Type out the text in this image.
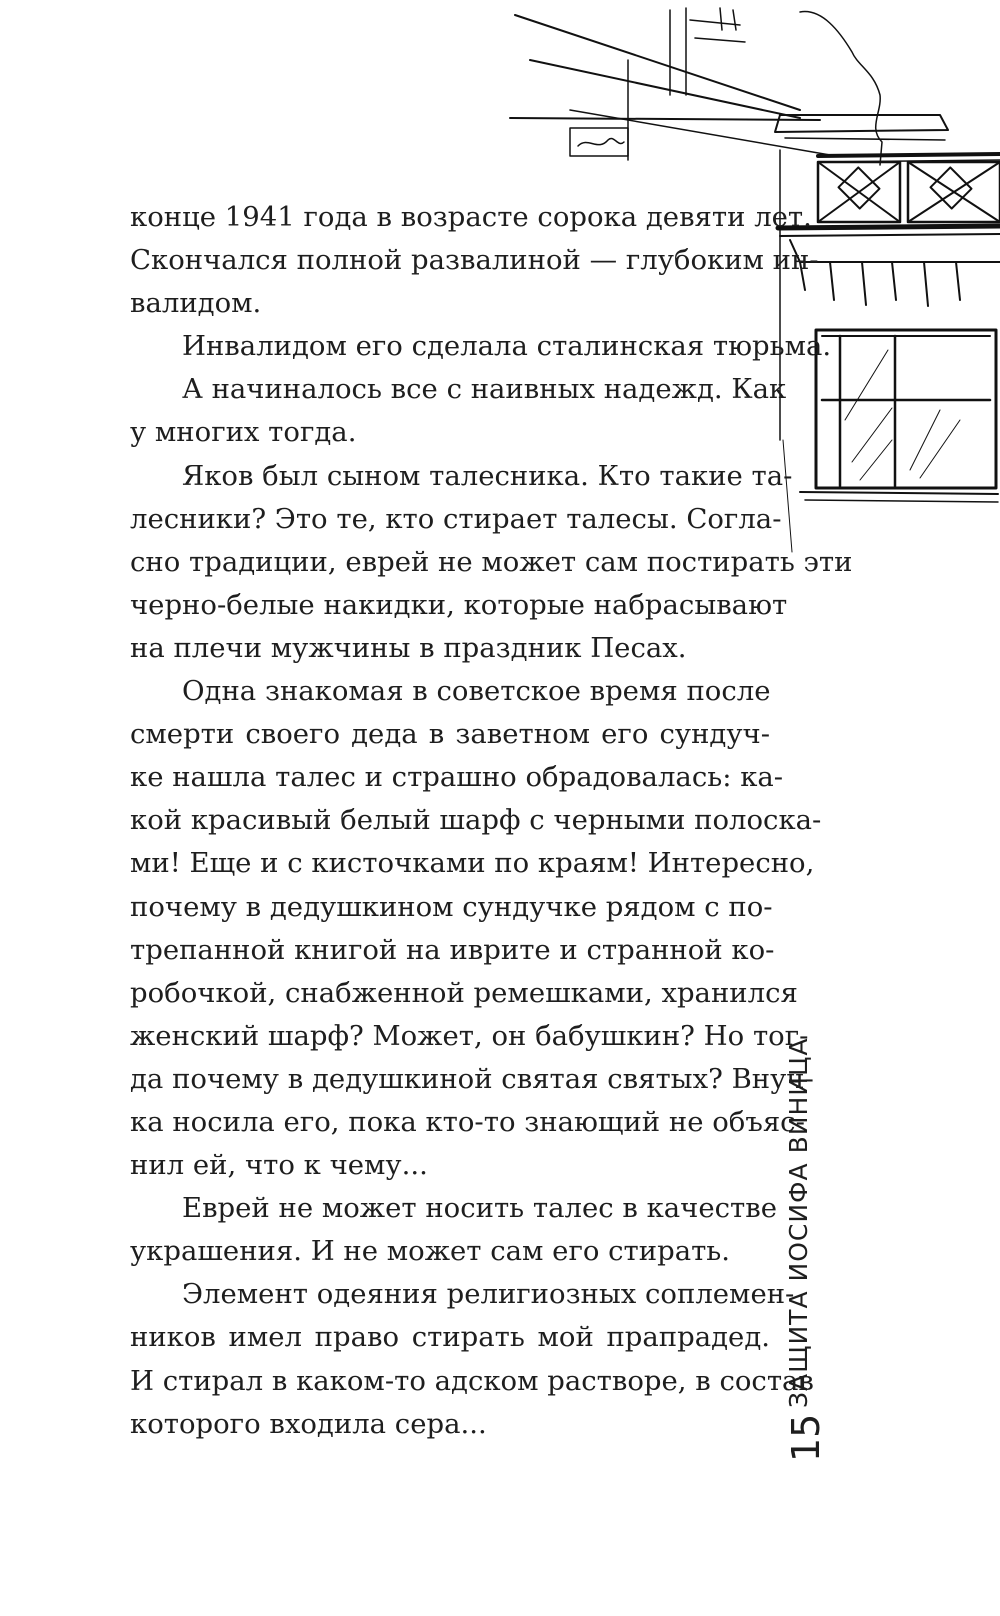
конце 1941 года в возрасте сорока девяти лет.
Скончался полной развалиной — глубоким ин-
валидом.

Инвалидом его сделала сталинская тюрьма.

А начиналось все с наивных надежд. Как
у многих тогда.

Яков был сыном талесника. Кто такие та-
лесники? Это те, кто стирает талесы. Согла-
сно традиции, еврей не может сам постирать эти
черно-белые накидки, которые набрасывают
на плечи мужчины в праздник Песах.

Одна знакомая в советское время после
смерти своего деда в заветном его сундуч-
ке нашла талес и страшно обрадовалась: ка-
кой красивый белый шарф с черными полоска-
ми! Еще и с кисточками по краям! Интересно,
почему в дедушкином сундучке рядом с по-
трепанной книгой на иврите и странной ко-
робочкой, снабженной ремешками, хранился
женский шарф? Может, он бабушкин? Но тог-
да почему в дедушкиной святая святых? Внуч-
ка носила его, пока кто-то знающий не объяс-
нил ей, что к чему...

Еврей не может носить талес в качестве
украшения. И не может сам его стирать.

Элемент одеяния религиозных соплемен-
ников имел право стирать мой прапрадед.
И стирал в каком-то адском растворе, в состав
которого входила сера...

ЗАЩИТА ИОСИФА ВИНИЦА
15
